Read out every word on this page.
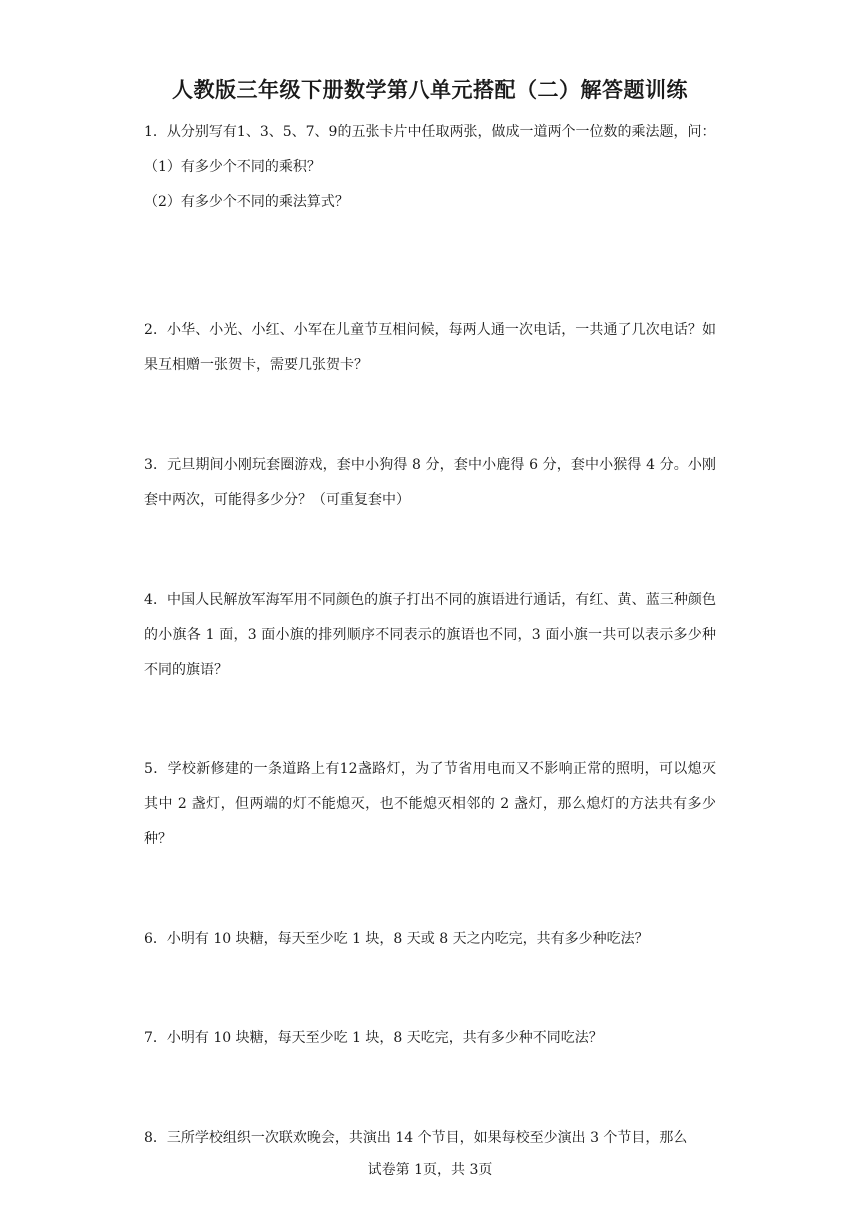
人教版三年级下册数学第八单元搭配（二）解答题训练

1．从分别写有1、3、5、7、9的五张卡片中任取两张，做成一道两个一位数的乘法题，问：

（1）有多少个不同的乘积？

（2）有多少个不同的乘法算式？

2．小华、小光、小红、小军在儿童节互相问候，每两人通一次电话，一共通了几次电话？如果互相赠一张贺卡，需要几张贺卡？

3．元旦期间小刚玩套圈游戏，套中小狗得 8 分，套中小鹿得 6 分，套中小猴得 4 分。小刚套中两次，可能得多少分？（可重复套中）

4．中国人民解放军海军用不同颜色的旗子打出不同的旗语进行通话，有红、黄、蓝三种颜色的小旗各 1 面，3 面小旗的排列顺序不同表示的旗语也不同，3 面小旗一共可以表示多少种不同的旗语？

5．学校新修建的一条道路上有12盏路灯，为了节省用电而又不影响正常的照明，可以熄灭其中 2 盏灯，但两端的灯不能熄灭，也不能熄灭相邻的 2 盏灯，那么熄灯的方法共有多少种？

6．小明有 10 块糖，每天至少吃 1 块，8 天或 8 天之内吃完，共有多少种吃法？

7．小明有 10 块糖，每天至少吃 1 块，8 天吃完，共有多少种不同吃法？

8．三所学校组织一次联欢晚会，共演出 14 个节目，如果每校至少演出 3 个节目，那么

试卷第 1页，共 3页
